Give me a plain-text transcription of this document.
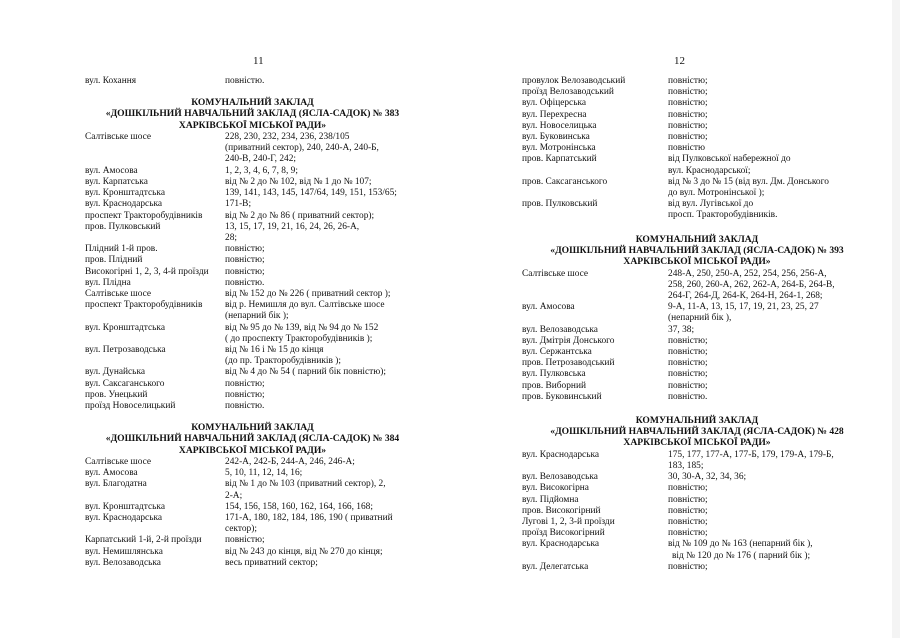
11
вул. Кохання	повністю.
КОМУНАЛЬНИЙ ЗАКЛАД
«ДОШКІЛЬНИЙ НАВЧАЛЬНИЙ ЗАКЛАД (ЯСЛА-САДОК) № 383
ХАРКІВСЬКОЇ МІСЬКОЇ РАДИ»
Салтівське шосе	228, 230, 232, 234, 236, 238/105
(приватний сектор), 240, 240-А, 240-Б,
240-В, 240-Г, 242;
вул. Амосова	1, 2, 3, 4, 6, 7, 8, 9;
вул. Карпатська	від № 2 до № 102, від № 1 до № 107;
вул. Кронштадтська	139, 141, 143, 145, 147/64, 149, 151, 153/65;
вул. Краснодарська	171-В;
проспект Тракторобудівників від № 2 до № 86 ( приватний сектор);
пров. Пулковський	13, 15, 17, 19, 21, 16, 24, 26, 26-А,
28;
Плідний 1-й пров.	повністю;
пров. Плідний	повністю;
Високогірні 1, 2, 3, 4-й проїзди повністю;
вул. Плідна	повністю.
Салтівське шосе	від № 152 до № 226 ( приватний сектор );
проспект Тракторобудівників від р. Немишля до вул. Салтівське шосе
(непарний бік );
вул. Кронштадтська	від № 95 до № 139, від № 94 до № 152
( до проспекту Тракторобудівників );
вул. Петрозаводська	від № 16 і № 15 до кінця
(до пр. Тракторобудівників );
вул. Дунайська	від № 4 до № 54 ( парний бік повністю);
вул. Саксаганського	повністю;
пров. Унецький	повністю;
проїзд Новоселицький	повністю.
КОМУНАЛЬНИЙ ЗАКЛАД
«ДОШКІЛЬНИЙ НАВЧАЛЬНИЙ ЗАКЛАД (ЯСЛА-САДОК) № 384
ХАРКІВСЬКОЇ МІСЬКОЇ РАДИ»
Салтівське шосе	242-А, 242-Б, 244-А, 246, 246-А;
вул. Амосова	5, 10, 11, 12, 14, 16;
вул. Благодатна	від № 1 до № 103 (приватний сектор), 2,
2-А;
вул. Кронштадтська	154, 156, 158, 160, 162, 164, 166, 168;
вул. Краснодарська	171-А, 180, 182, 184, 186, 190 ( приватний
сектор);
Карпатський 1-й, 2-й проїзди	повністю;
вул. Немишлянська	від № 243 до кінця, від № 270 до кінця;
вул. Велозаводська	весь приватний сектор;
12
провулок Велозаводський	повністю;
проїзд Велозаводський	повністю;
вул. Офіцерська	повністю;
вул. Перехресна	повністю;
вул. Новоселицька	повністю;
вул. Буковинська	повністю;
вул. Мотронінська	повністю
пров. Карпатський	від Пулковської набережної до
вул. Краснодарської;
пров. Саксаганського	від № 3 до № 15 (від вул. Дм. Донського
до вул. Мотронінської );
пров. Пулковський	від вул. Лугівської до
просп. Тракторобудівників.
КОМУНАЛЬНИЙ ЗАКЛАД
«ДОШКІЛЬНИЙ НАВЧАЛЬНИЙ ЗАКЛАД (ЯСЛА-САДОК) № 393
ХАРКІВСЬКОЇ МІСЬКОЇ РАДИ»
Салтівське шосе	248-А, 250, 250-А, 252, 254, 256, 256-А,
258, 260, 260-А, 262, 262-А, 264-Б, 264-В,
264-Г, 264-Д, 264-К, 264-Н, 264-1, 268;
вул. Амосова	9-А, 11-А, 13, 15, 17, 19, 21, 23, 25, 27
(непарний бік ),
вул. Велозаводська	37, 38;
вул. Дмітрія Донського	повністю;
вул. Сержантська	повністю;
пров. Петрозаводський	повністю;
вул. Пулковська	повністю;
пров. Виборний	повністю;
пров. Буковинський	повністю.
КОМУНАЛЬНИЙ ЗАКЛАД
«ДОШКІЛЬНИЙ НАВЧАЛЬНИЙ ЗАКЛАД (ЯСЛА-САДОК) № 428
ХАРКІВСЬКОЇ МІСЬКОЇ РАДИ»
вул. Краснодарська	175, 177, 177-А, 177-Б, 179, 179-А, 179-Б,
183, 185;
вул. Велозаводська	30, 30-А, 32, 34, 36;
вул. Високогірна	повністю;
вул. Підйомна	повністю;
пров. Високогірний	повністю;
Лугові 1, 2, 3-й проїзди	повністю;
проїзд Високогірний	повністю;
вул. Краснодарська	від № 109 до № 163 (непарний бік ),
від № 120 до № 176 ( парний бік );
вул. Делегатська	повністю;
